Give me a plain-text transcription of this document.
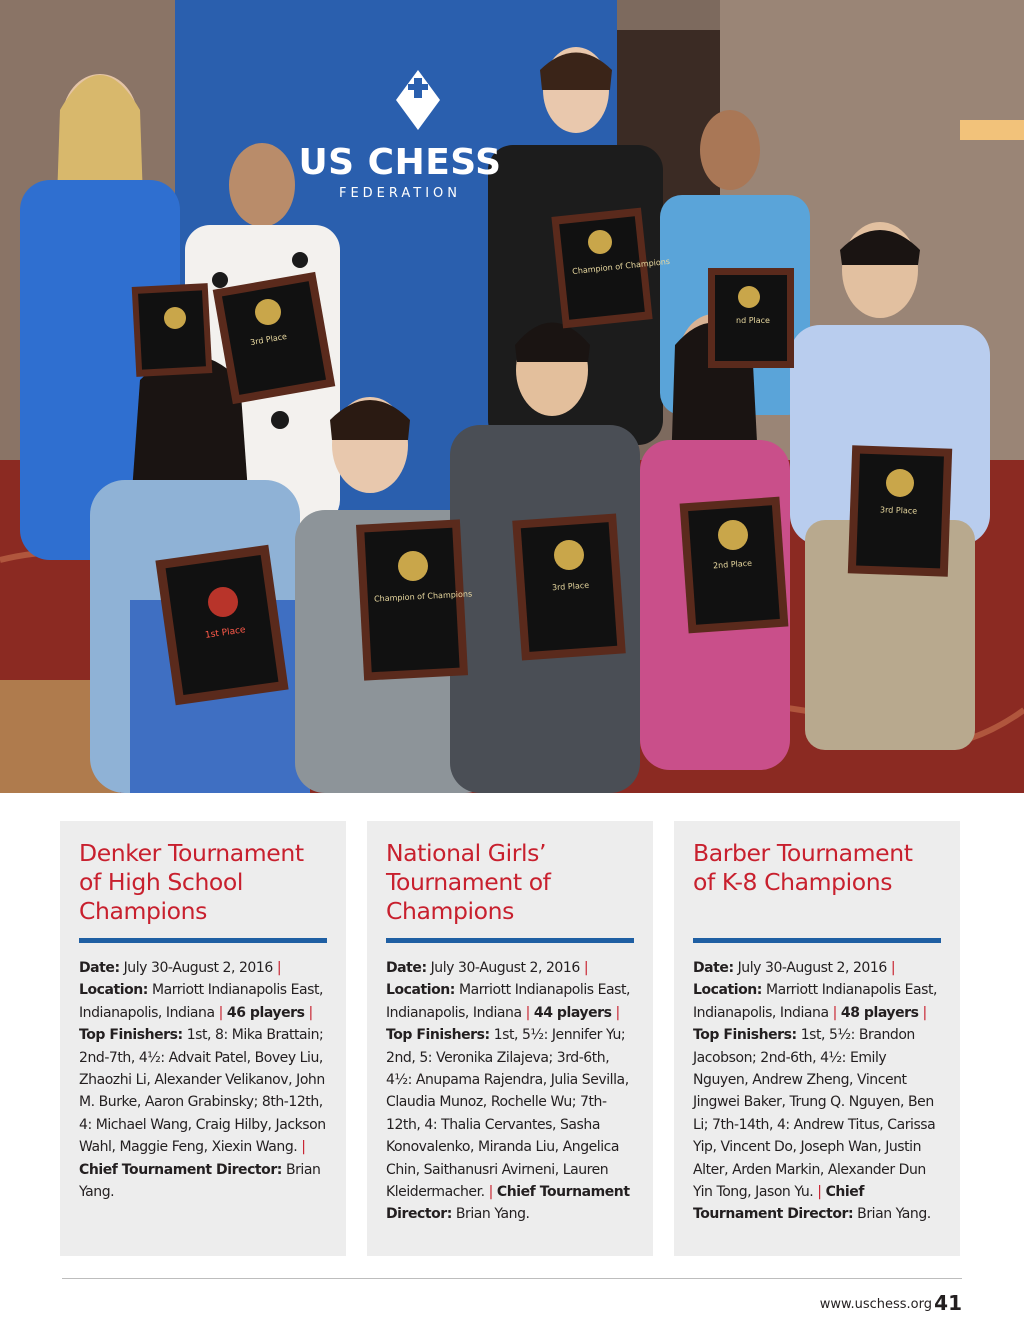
US CHESS
FEDERATION
3rd Place
Champion of Champions
nd Place
1st Place
Champion of Champions
3rd Place
2nd Place
3rd Place
Denker Tournament of High School Champions
Date: July 30-August 2, 2016 | Location: Marriott Indianapolis East, Indianapolis, Indiana | 46 players | Top Finishers: 1st, 8: Mika Brattain; 2nd-7th, 4½: Advait Patel, Bovey Liu, Zhaozhi Li, Alexander Velikanov, John M. Burke, Aaron Grabinsky; 8th-12th, 4: Michael Wang, Craig Hilby, Jackson Wahl, Maggie Feng, Xiexin Wang. | Chief Tournament Director: Brian Yang.
National Girls’ Tournament of Champions
Date: July 30-August 2, 2016 | Location: Marriott Indianapolis East, Indianapolis, Indiana | 44 players | Top Finishers: 1st, 5½: Jennifer Yu; 2nd, 5: Veronika Zilajeva; 3rd-6th, 4½: Anupama Rajendra, Julia Sevilla, Claudia Munoz, Rochelle Wu; 7th-12th, 4: Thalia Cervantes, Sasha Konovalenko, Miranda Liu, Angelica Chin, Saithanusri Avirneni, Lauren Kleidermacher. | Chief Tournament Director: Brian Yang.
Barber Tournament of K-8 Champions
Date: July 30-August 2, 2016 | Location: Marriott Indianapolis East, Indianapolis, Indiana | 48 players | Top Finishers: 1st, 5½: Brandon Jacobson; 2nd-6th, 4½: Emily Nguyen, Andrew Zheng, Vincent Jingwei Baker, Trung Q. Nguyen, Ben Li; 7th-14th, 4: Andrew Titus, Carissa Yip, Vincent Do, Joseph Wan, Justin Alter, Arden Markin, Alexander Dun Yin Tong, Jason Yu. | Chief Tournament Director: Brian Yang.
www.uschess.org 41
